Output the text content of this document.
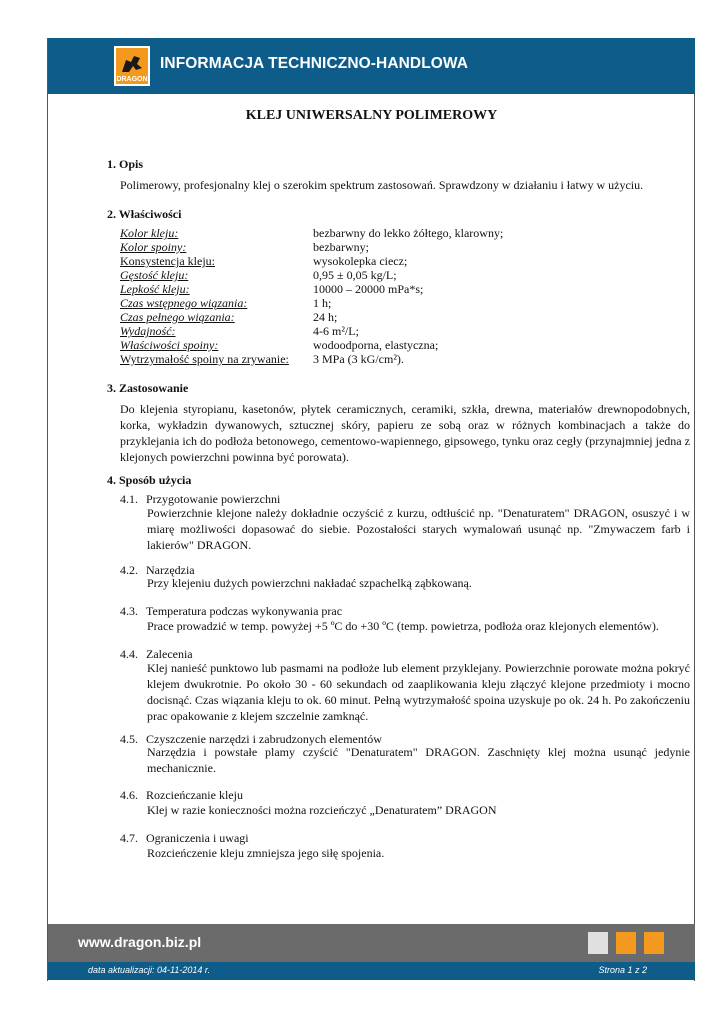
DRAGON
INFORMACJA TECHNICZNO-HANDLOWA
KLEJ UNIWERSALNY POLIMEROWY
1. Opis
Polimerowy, profesjonalny klej o szerokim spektrum zastosowań. Sprawdzony w działaniu i łatwy w użyciu.
2. Właściwości
Kolor kleju:	bezbarwny do lekko żółtego, klarowny;
Kolor spoiny:	bezbarwny;
Konsystencja kleju:	wysokolepka ciecz;
Gęstość kleju:	0,95 ± 0,05 kg/L;
Lepkość kleju:	10000 – 20000 mPa*s;
Czas wstępnego wiązania:	1 h;
Czas pełnego wiązania:	24 h;
Wydajność:	4-6 m²/L;
Właściwości spoiny:	wodoodporna, elastyczna;
Wytrzymałość spoiny na zrywanie: 3 MPa (3 kG/cm²).
3. Zastosowanie
Do klejenia styropianu, kasetonów, płytek ceramicznych, ceramiki, szkła, drewna, materiałów drewnopodobnych, korka, wykładzin dywanowych, sztucznej skóry, papieru ze sobą oraz w różnych kombinacjach a także do przyklejania ich do podłoża betonowego, cementowo-wapiennego, gipsowego, tynku oraz cegły (przynajmniej jedna z klejonych powierzchni powinna być porowata).
4. Sposób użycia
4.1. Przygotowanie powierzchni
Powierzchnie klejone należy dokładnie oczyścić z kurzu, odtłuścić np. "Denaturatem" DRAGON, osuszyć i w miarę możliwości dopasować do siebie. Pozostałości starych wymalowań usunąć np. "Zmywaczem farb i lakierów" DRAGON.
4.2. Narzędzia
Przy klejeniu dużych powierzchni nakładać szpachelką ząbkowaną.
4.3. Temperatura podczas wykonywania prac
Prace prowadzić w temp. powyżej +5 ºC do +30 ºC (temp. powietrza, podłoża oraz klejonych elementów).
4.4. Zalecenia
Klej nanieść punktowo lub pasmami na podłoże lub element przyklejany. Powierzchnie porowate można pokryć klejem dwukrotnie. Po około 30 - 60 sekundach od zaaplikowania kleju złączyć klejone przedmioty i mocno docisnąć. Czas wiązania kleju to ok. 60 minut. Pełną wytrzymałość spoina uzyskuje po ok. 24 h. Po zakończeniu prac opakowanie z klejem szczelnie zamknąć.
4.5. Czyszczenie narzędzi i zabrudzonych elementów
Narzędzia i powstałe plamy czyścić "Denaturatem" DRAGON. Zaschnięty klej można usunąć jedynie mechanicznie.
4.6. Rozcieńczanie kleju
Klej w razie konieczności można rozcieńczyć „Denaturatem” DRAGON
4.7. Ograniczenia i uwagi
Rozcieńczenie kleju zmniejsza jego siłę spojenia.
www.dragon.biz.pl
data aktualizacji: 04-11-2014 r.	Strona 1 z 2
